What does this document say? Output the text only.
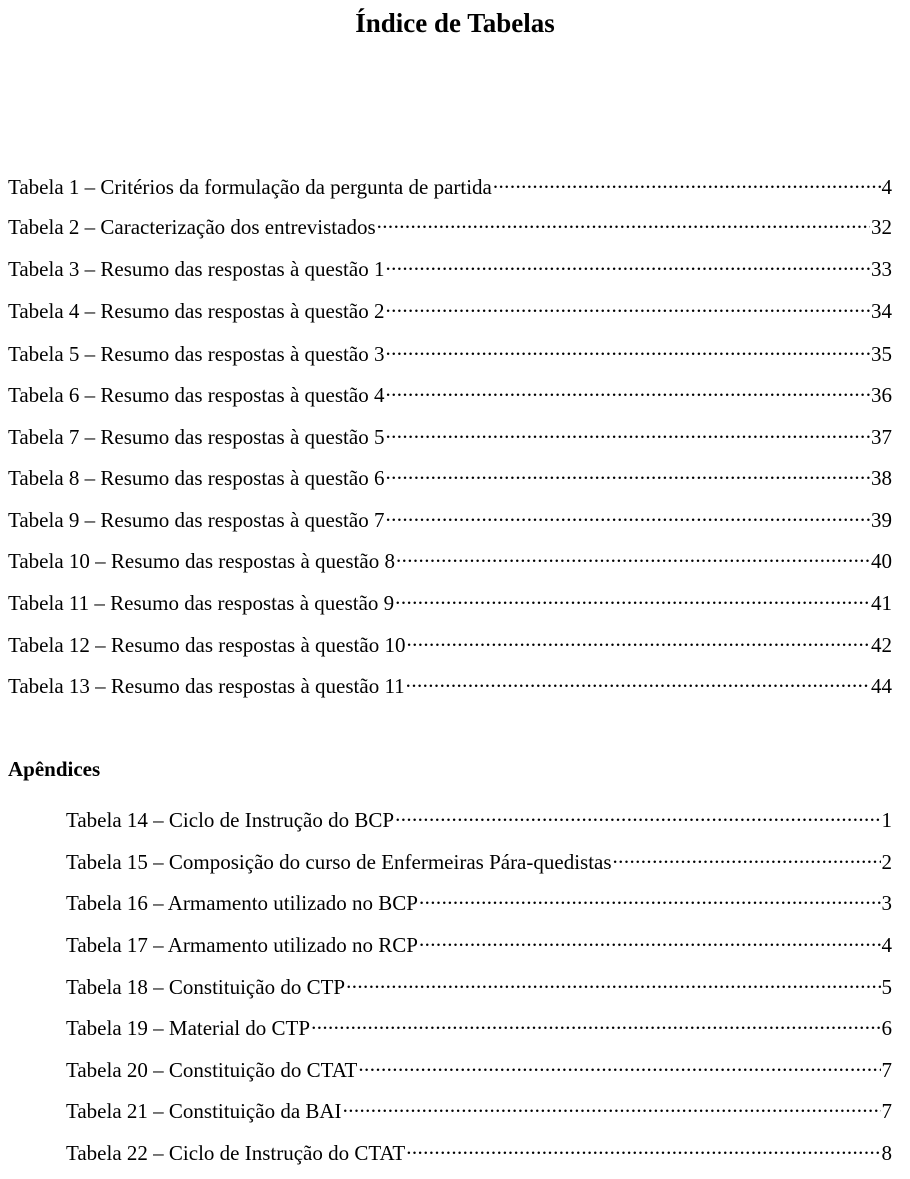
Índice de Tabelas
Tabela 1 – Critérios da formulação da pergunta de partida .....	4
Tabela 2 – Caracterização dos entrevistados .....	32
Tabela 3 – Resumo das respostas à questão 1 .....	33
Tabela 4 – Resumo das respostas à questão 2 .....	34
Tabela 5 – Resumo das respostas à questão 3 .....	35
Tabela 6 – Resumo das respostas à questão 4 .....	36
Tabela 7 – Resumo das respostas à questão 5 .....	37
Tabela 8 – Resumo das respostas à questão 6 .....	38
Tabela 9 – Resumo das respostas à questão 7 .....	39
Tabela 10 – Resumo das respostas à questão 8 .....	40
Tabela 11 – Resumo das respostas à questão 9 .....	41
Tabela 12 – Resumo das respostas à questão 10 .....	42
Tabela 13 – Resumo das respostas à questão 11 .....	44
Apêndices
Tabela 14 – Ciclo de Instrução do BCP .....	1
Tabela 15 – Composição do curso de Enfermeiras Pára-quedistas .....	2
Tabela 16 – Armamento utilizado no BCP .....	3
Tabela 17 – Armamento utilizado no RCP .....	4
Tabela 18 – Constituição do CTP .....	5
Tabela 19 – Material do CTP .....	6
Tabela 20 – Constituição do CTAT .....	7
Tabela 21 – Constituição da BAI .....	7
Tabela 22 – Ciclo de Instrução do CTAT .....	8
